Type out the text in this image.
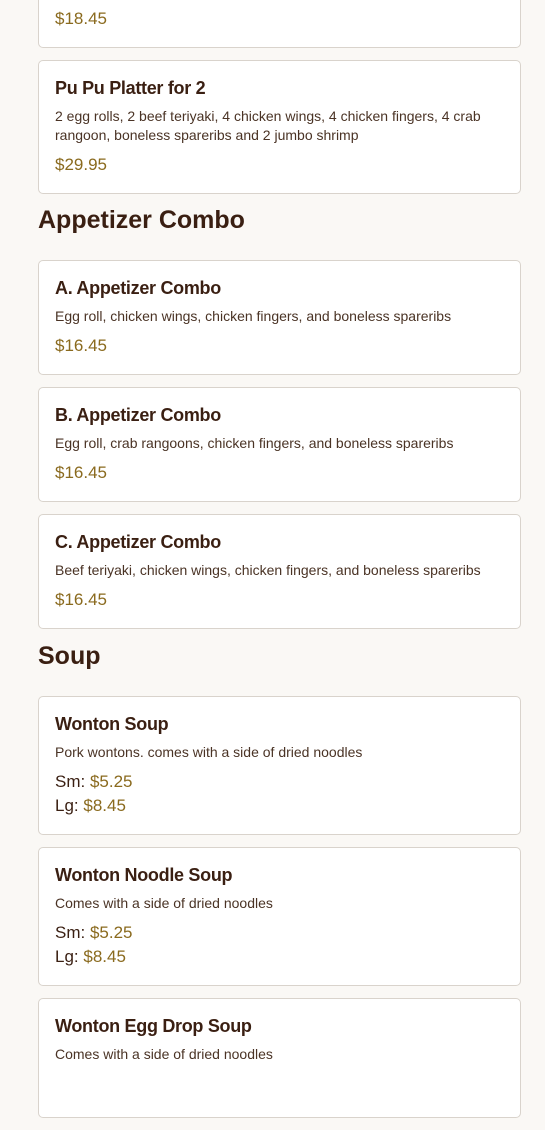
$18.45
Pu Pu Platter for 2
2 egg rolls, 2 beef teriyaki, 4 chicken wings, 4 chicken fingers, 4 crab rangoon, boneless spareribs and 2 jumbo shrimp
$29.95
Appetizer Combo
A. Appetizer Combo
Egg roll, chicken wings, chicken fingers, and boneless spareribs
$16.45
B. Appetizer Combo
Egg roll, crab rangoons, chicken fingers, and boneless spareribs
$16.45
C. Appetizer Combo
Beef teriyaki, chicken wings, chicken fingers, and boneless spareribs
$16.45
Soup
Wonton Soup
Pork wontons. comes with a side of dried noodles
Sm: $5.25
Lg: $8.45
Wonton Noodle Soup
Comes with a side of dried noodles
Sm: $5.25
Lg: $8.45
Wonton Egg Drop Soup
Comes with a side of dried noodles
